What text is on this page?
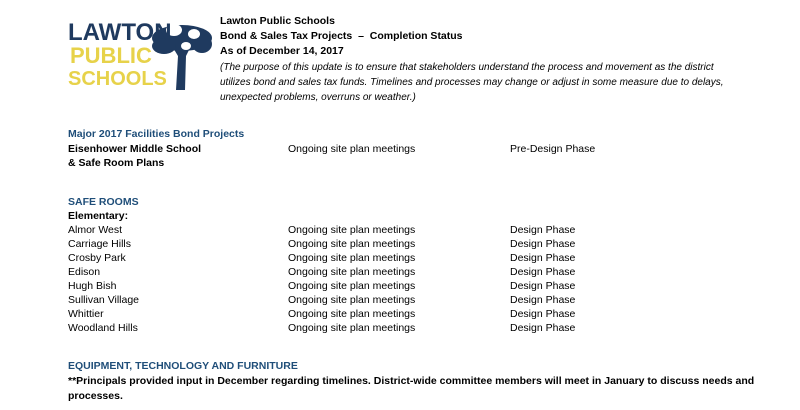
LAWTON
PUBLIC
SCHOOLS
Lawton Public Schools
Bond & Sales Tax Projects  –  Completion Status
As of December 14, 2017
(The purpose of this update is to ensure that stakeholders understand the process and movement as the district utilizes bond and sales tax funds. Timelines and processes may change or adjust in some measure due to delays, unexpected problems, overruns or weather.)
Major 2017 Facilities Bond Projects
Eisenhower Middle School	Ongoing site plan meetings	Pre-Design Phase
& Safe Room Plans
SAFE ROOMS
Elementary:
Almor West	Ongoing site plan meetings	Design Phase
Carriage Hills	Ongoing site plan meetings	Design Phase
Crosby Park	Ongoing site plan meetings	Design Phase
Edison	Ongoing site plan meetings	Design Phase
Hugh Bish	Ongoing site plan meetings	Design Phase
Sullivan Village	Ongoing site plan meetings	Design Phase
Whittier	Ongoing site plan meetings	Design Phase
Woodland Hills	Ongoing site plan meetings	Design Phase
EQUIPMENT, TECHNOLOGY AND FURNITURE
**Principals provided input in December regarding timelines. District-wide committee members will meet in January to discuss needs and processes.
